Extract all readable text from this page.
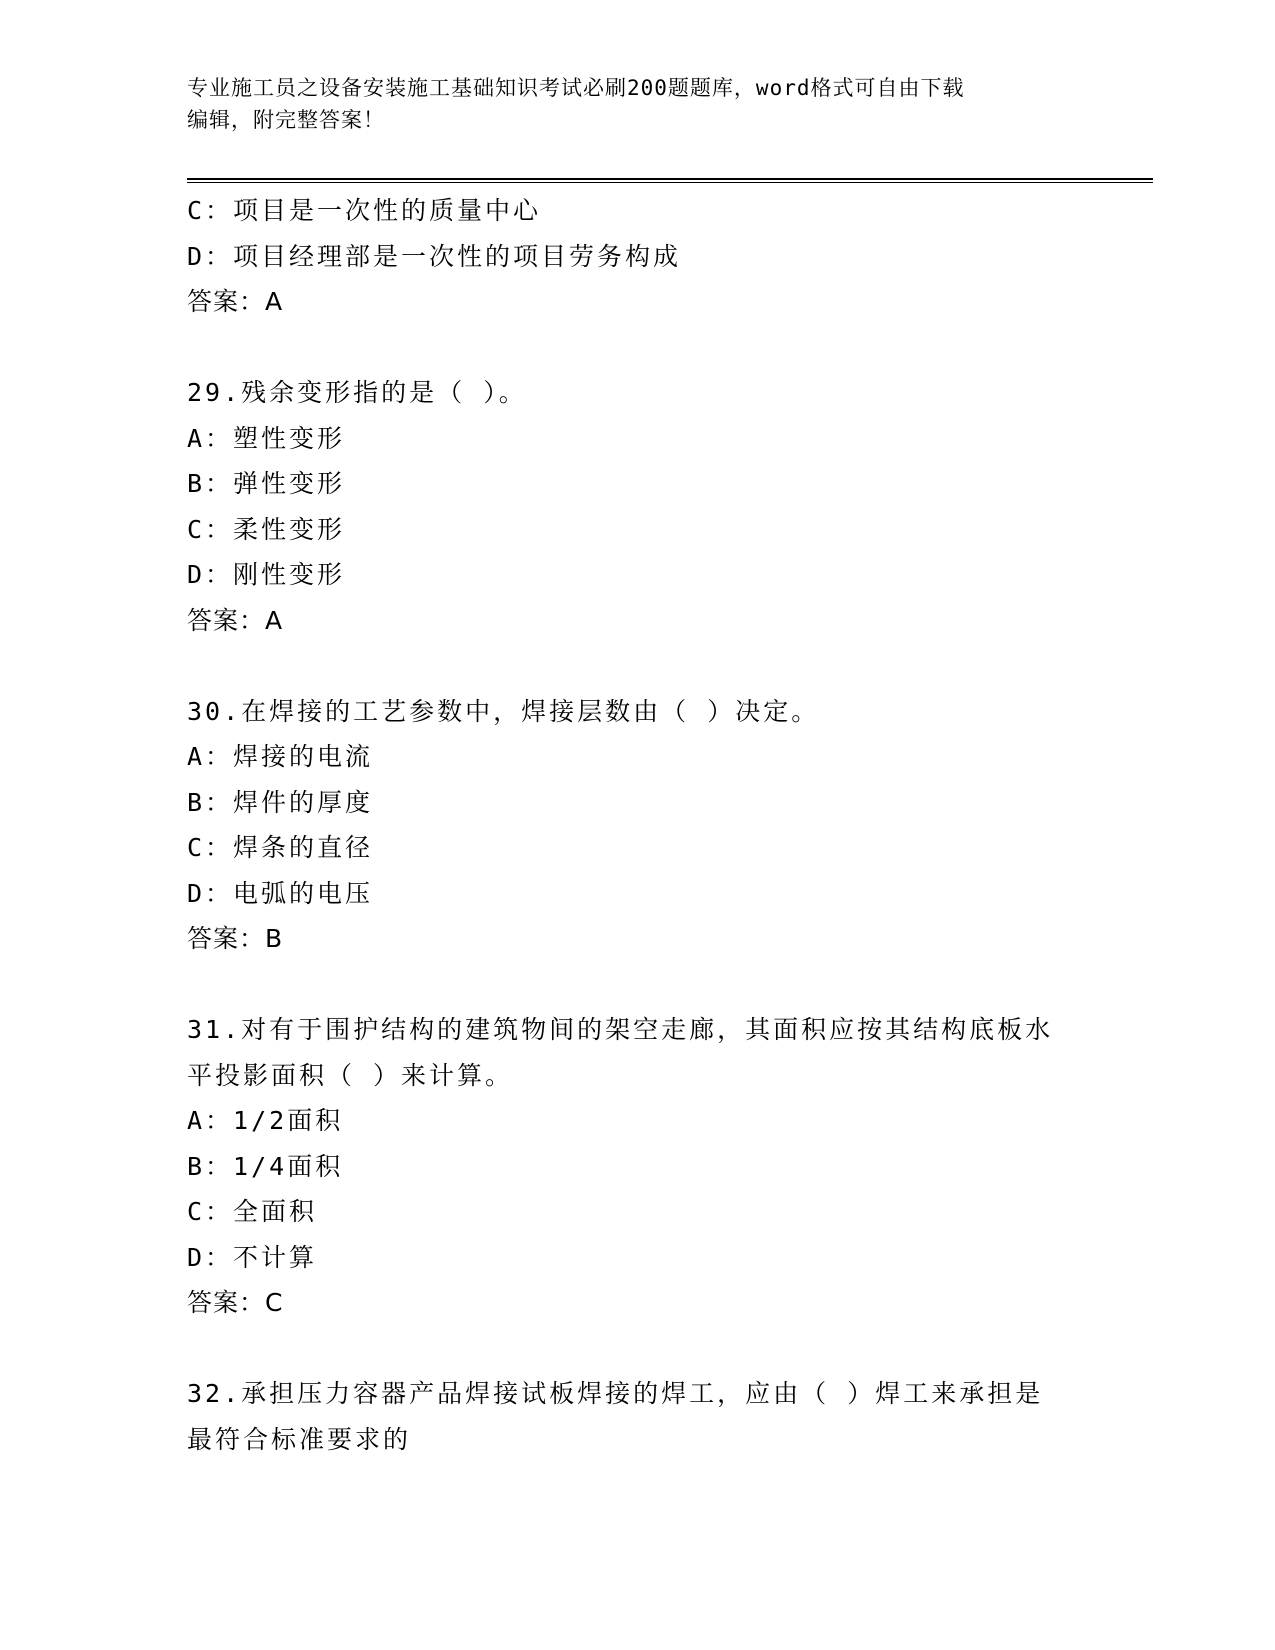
专业施工员之设备安装施工基础知识考试必刷200题题库，word格式可自由下载
编辑，附完整答案！
C：项目是一次性的质量中心
D：项目经理部是一次性的项目劳务构成
答案：A
29.残余变形指的是（ ）。
A：塑性变形
B：弹性变形
C：柔性变形
D：刚性变形
答案：A
30.在焊接的工艺参数中，焊接层数由（ ）决定。
A：焊接的电流
B：焊件的厚度
C：焊条的直径
D：电弧的电压
答案：B
31.对有于围护结构的建筑物间的架空走廊，其面积应按其结构底板水
平投影面积（ ）来计算。
A：1/2面积
B：1/4面积
C：全面积
D：不计算
答案：C
32.承担压力容器产品焊接试板焊接的焊工，应由（ ）焊工来承担是
最符合标准要求的
